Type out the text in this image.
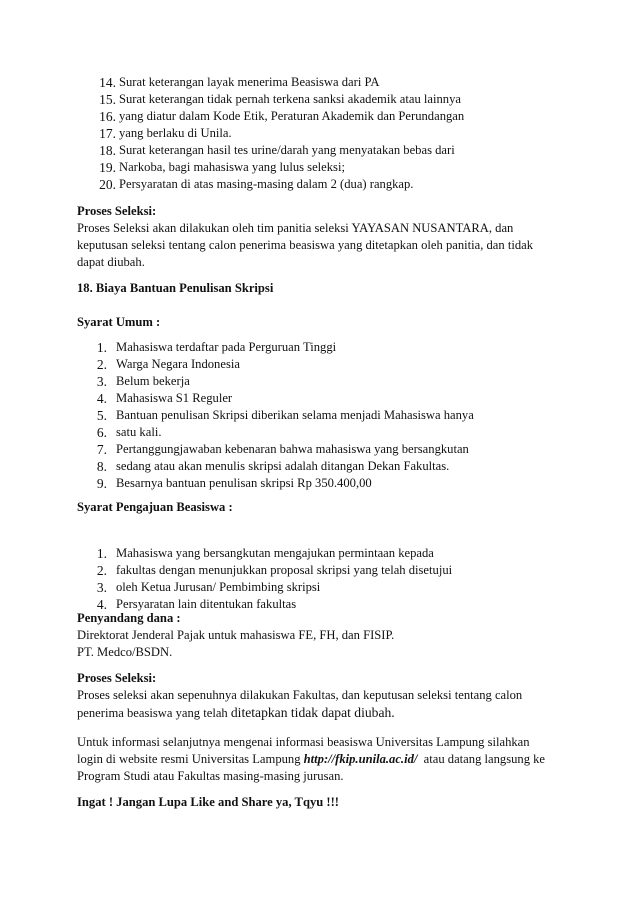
14. Surat keterangan layak menerima Beasiswa dari PA
15. Surat keterangan tidak pernah terkena sanksi akademik atau lainnya
16. yang diatur dalam Kode Etik, Peraturan Akademik dan Perundangan
17. yang berlaku di Unila.
18. Surat keterangan hasil tes urine/darah yang menyatakan bebas dari
19. Narkoba, bagi mahasiswa yang lulus seleksi;
20. Persyaratan di atas masing-masing dalam 2 (dua) rangkap.

Proses Seleksi:

Proses Seleksi akan dilakukan oleh tim panitia seleksi YAYASAN NUSANTARA, dan

keputusan seleksi tentang calon penerima beasiswa yang ditetapkan oleh panitia, dan tidak

dapat diubah.

18. Biaya Bantuan Penulisan Skripsi
Syarat Umum :
1. Mahasiswa terdaftar pada Perguruan Tinggi
2. Warga Negara Indonesia
3. Belum bekerja
4. Mahasiswa S1 Reguler
5. Bantuan penulisan Skripsi diberikan selama menjadi Mahasiswa hanya
6. satu kali.
7. Pertanggungjawaban kebenaran bahwa mahasiswa yang bersangkutan
8. sedang atau akan menulis skripsi adalah ditangan Dekan Fakultas.
9. Besarnya bantuan penulisan skripsi Rp 350.400,00
Syarat Pengajuan Beasiswa :
1. Mahasiswa yang bersangkutan mengajukan permintaan kepada
2. fakultas dengan menunjukkan proposal skripsi yang telah disetujui
3. oleh Ketua Jurusan/ Pembimbing skripsi
4. Persyaratan lain ditentukan fakultas

Penyandang dana :

Direktorat Jenderal Pajak untuk mahasiswa FE, FH, dan FISIP.

PT. Medco/BSDN.

Proses Seleksi:

Proses seleksi akan sepenuhnya dilakukan Fakultas, dan keputusan seleksi tentang calon

penerima beasiswa yang telah ditetapkan tidak dapat diubah.

Untuk informasi selanjutnya mengenai informasi beasiswa Universitas Lampung silahkan

login di website resmi Universitas Lampung http://fkip.unila.ac.id/  atau datang langsung ke

Program Studi atau Fakultas masing-masing jurusan.

Ingat ! Jangan Lupa Like and Share ya, Tqyu !!!
